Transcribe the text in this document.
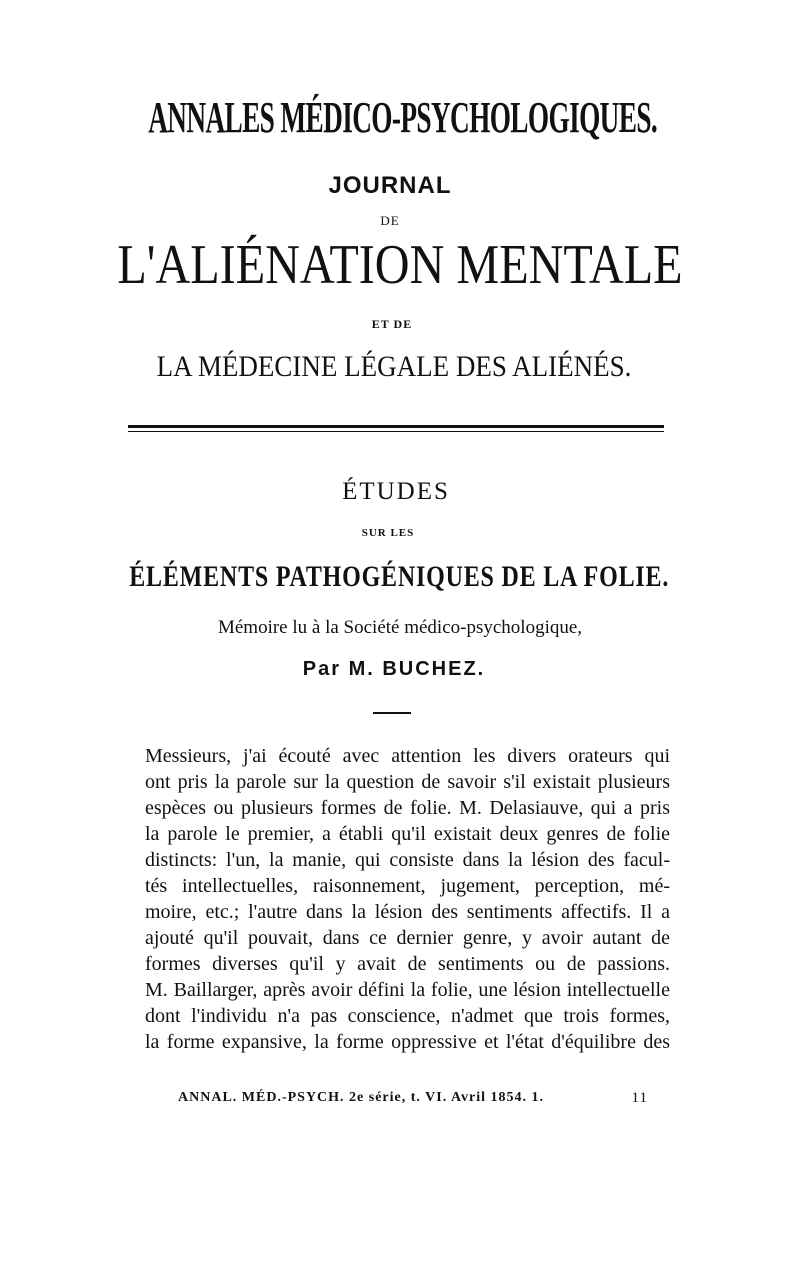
ANNALES MÉDICO-PSYCHOLOGIQUES.
JOURNAL
DE
L'ALIÉNATION MENTALE
ET DE
LA MÉDECINE LÉGALE DES ALIÉNÉS.
ÉTUDES
SUR LES
ÉLÉMENTS PATHOGÉNIQUES DE LA FOLIE.
Mémoire lu à la Société médico-psychologique,
Par M. BUCHEZ.
Messieurs, j'ai écouté avec attention les divers orateurs qui
ont pris la parole sur la question de savoir s'il existait plusieurs
espèces ou plusieurs formes de folie. M. Delasiauve, qui a pris
la parole le premier, a établi qu'il existait deux genres de folie
distincts: l'un, la manie, qui consiste dans la lésion des facul-
tés intellectuelles, raisonnement, jugement, perception, mé-
moire, etc.; l'autre dans la lésion des sentiments affectifs. Il a
ajouté qu'il pouvait, dans ce dernier genre, y avoir autant de
formes diverses qu'il y avait de sentiments ou de passions.
M. Baillarger, après avoir défini la folie, une lésion intellectuelle
dont l'individu n'a pas conscience, n'admet que trois formes,
la forme expansive, la forme oppressive et l'état d'équilibre des
ANNAL. MÉD.-PSYCH. 2e série, t. VI. Avril 1854. 1.	11
